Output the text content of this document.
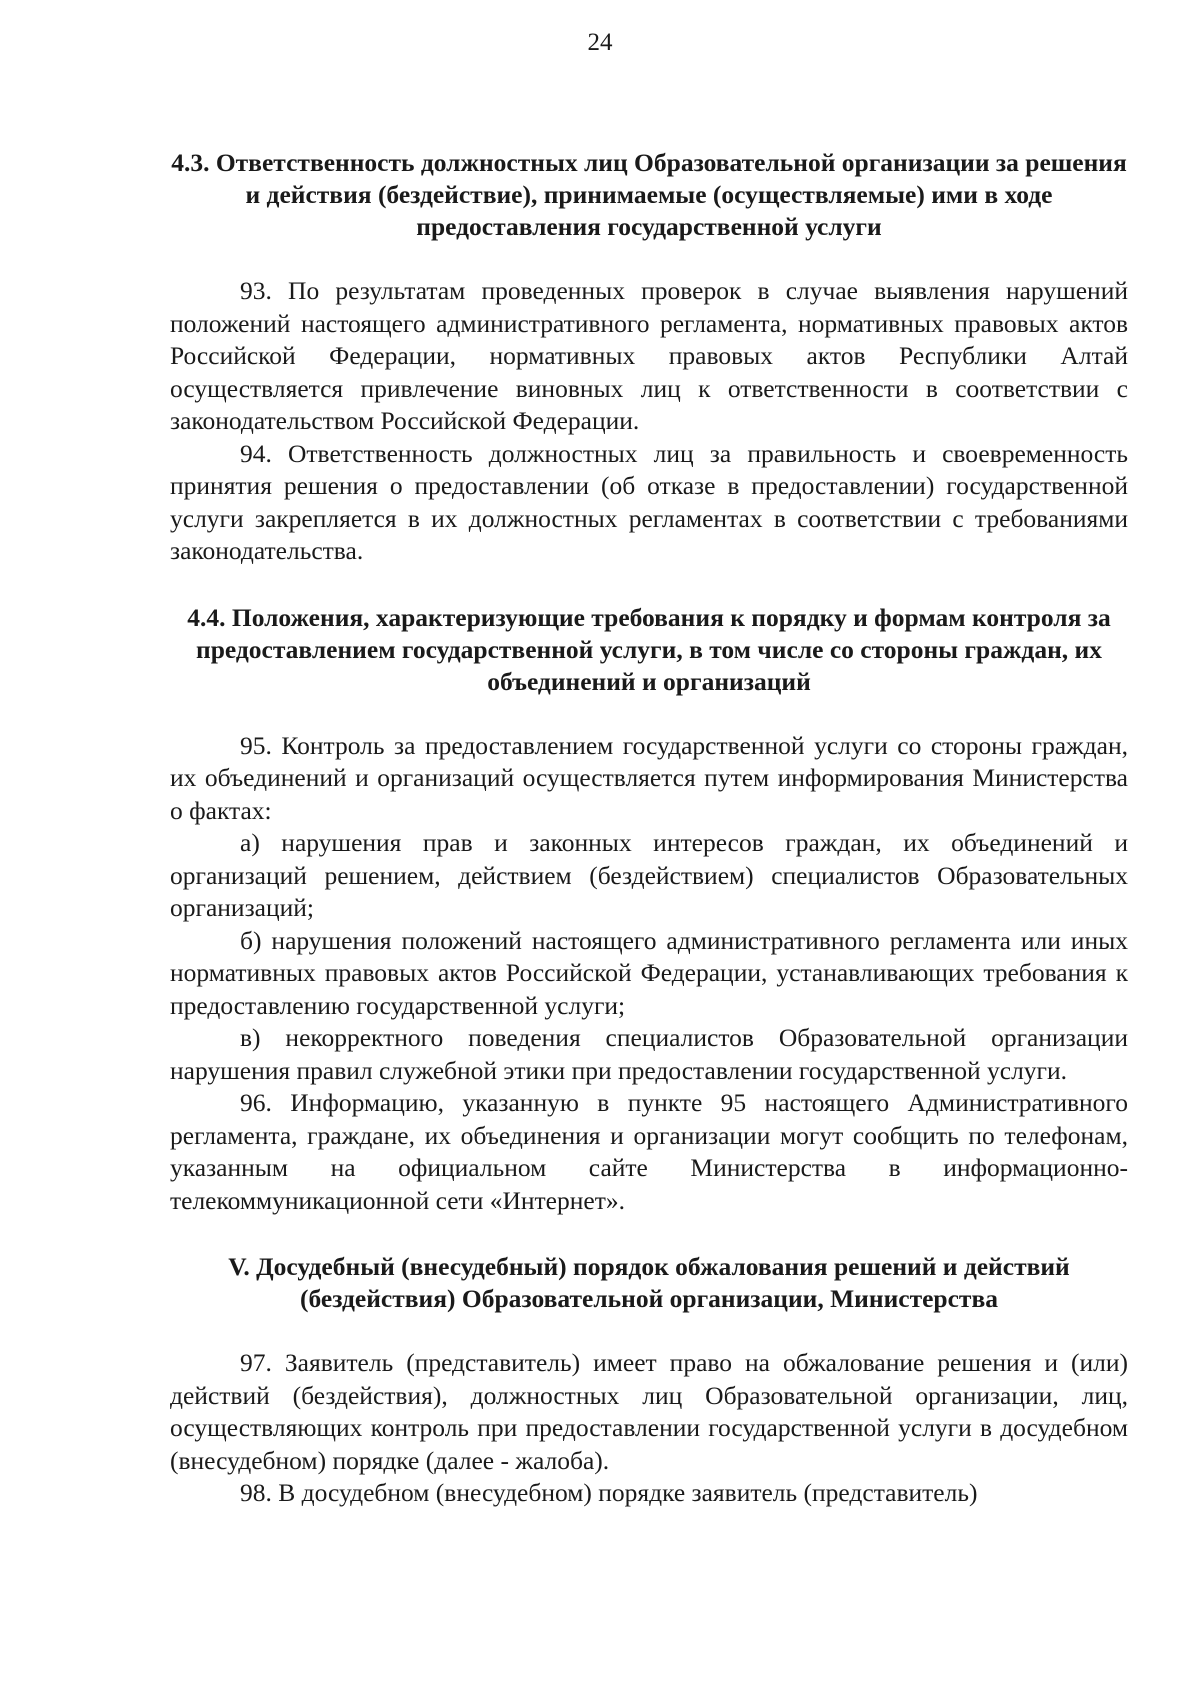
24
4.3. Ответственность должностных лиц Образовательной организации за решения и действия (бездействие), принимаемые (осуществляемые) ими в ходе предоставления государственной услуги

93. По результатам проведенных проверок в случае выявления нарушений положений настоящего административного регламента, нормативных правовых актов Российской Федерации, нормативных правовых актов Республики Алтай осуществляется привлечение виновных лиц к ответственности в соответствии с законодательством Российской Федерации.

94. Ответственность должностных лиц за правильность и своевременность принятия решения о предоставлении (об отказе в предоставлении) государственной услуги закрепляется в их должностных регламентах в соответствии с требованиями законодательства.

4.4. Положения, характеризующие требования к порядку и формам контроля за предоставлением государственной услуги, в том числе со стороны граждан, их объединений и организаций

95. Контроль за предоставлением государственной услуги со стороны граждан, их объединений и организаций осуществляется путем информирования Министерства о фактах:

а) нарушения прав и законных интересов граждан, их объединений и организаций решением, действием (бездействием) специалистов Образовательных организаций;

б) нарушения положений настоящего административного регламента или иных нормативных правовых актов Российской Федерации, устанавливающих требования к предоставлению государственной услуги;

в) некорректного поведения специалистов Образовательной организации нарушения правил служебной этики при предоставлении государственной услуги.

96. Информацию, указанную в пункте 95 настоящего Административного регламента, граждане, их объединения и организации могут сообщить по телефонам, указанным на официальном сайте Министерства в информационно-телекоммуникационной сети «Интернет».

V. Досудебный (внесудебный) порядок обжалования решений и действий (бездействия) Образовательной организации, Министерства

97. Заявитель (представитель) имеет право на обжалование решения и (или) действий (бездействия), должностных лиц Образовательной организации, лиц, осуществляющих контроль при предоставлении государственной услуги в досудебном (внесудебном) порядке (далее - жалоба).

98. В досудебном (внесудебном) порядке заявитель (представитель)
